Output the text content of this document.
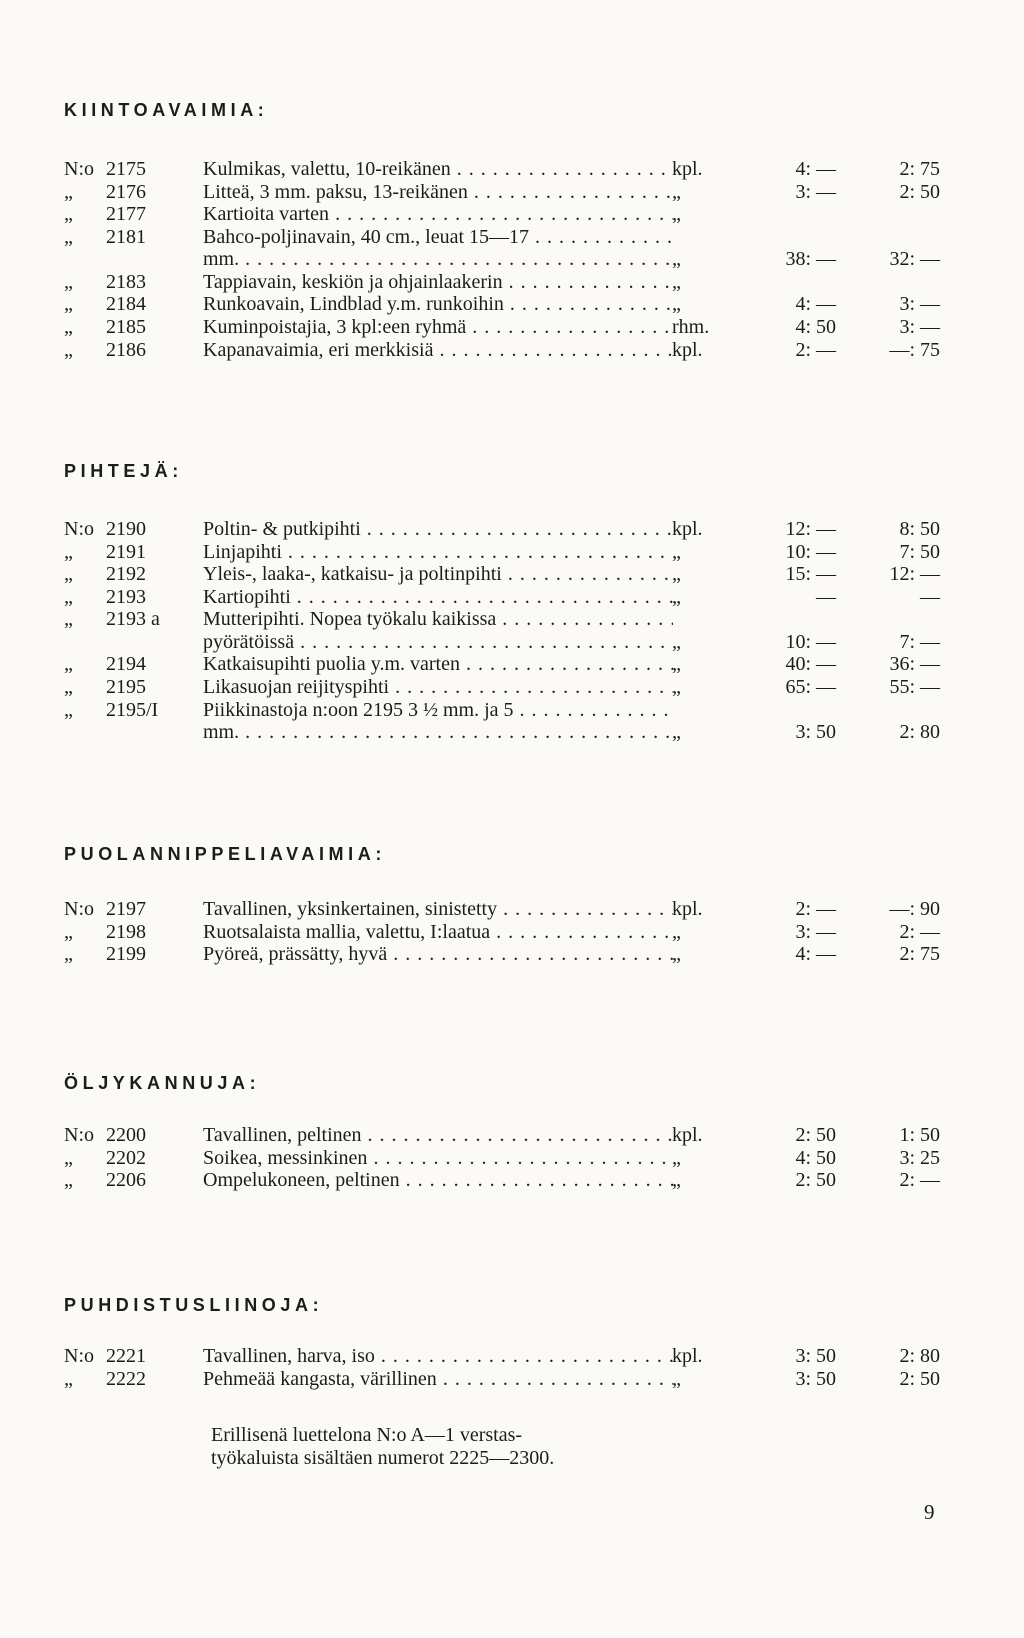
KIINTOAVAIMIA:
N:o 2175	Kulmikas, valettu, 10-reikänen . . .	kpl.	4: —	2: 75
„ 2176	Litteä, 3 mm. paksu, 13-reikänen . . .	„	3: —	2: 50
„ 2177	Kartioita varten . . .	„
„ 2181	Bahco-poljinavain, 40 cm., leuat 15—17 . . .
mm. . . .	„	38: —	32: —
„ 2183	Tappiavain, keskiön ja ohjainlaakerin . . .	„
„ 2184	Runkoavain, Lindblad y.m. runkoihin . . .	„	4: —	3: —
„ 2185	Kuminpoistajia, 3 kpl:een ryhmä . . .	rhm.	4: 50	3: —
„ 2186	Kapanavaimia, eri merkkisiä . . .	kpl.	2: —	—: 75
PIHTEJÄ:
N:o 2190	Poltin- & putkipihti . . .	kpl.	12: —	8: 50
„ 2191	Linjapihti . . .	„	10: —	7: 50
„ 2192	Yleis-, laaka-, katkaisu- ja poltinpihti . . .	„	15: —	12: —
„ 2193	Kartiopihti . . .	„	—	—
„ 2193 a	Mutteripihti. Nopea työkalu kaikissa . . .
pyörätöissä . . .	„	10: —	7: —
„ 2194	Katkaisupihti puolia y.m. varten . . .	„	40: —	36: —
„ 2195	Likasuojan reijityspihti . . .	„	65: —	55: —
„ 2195/I	Piikkinastoja n:oon 2195 3 ½ mm. ja 5 . . .
mm. . . .	„	3: 50	2: 80
PUOLANNIPPELIAVAIMIA:
N:o 2197	Tavallinen, yksinkertainen, sinistetty . . .	kpl.	2: —	—: 90
„ 2198	Ruotsalaista mallia, valettu, I:laatua . . .	„	3: —	2: —
„ 2199	Pyöreä, prässätty, hyvä . . .	„	4: —	2: 75
ÖLJYKANNUJA:
N:o 2200	Tavallinen, peltinen . . .	kpl.	2: 50	1: 50
„ 2202	Soikea, messinkinen . . .	„	4: 50	3: 25
„ 2206	Ompelukoneen, peltinen . . .	„	2: 50	2: —
PUHDISTUSLIINOJA:
N:o 2221	Tavallinen, harva, iso . . .	kpl.	3: 50	2: 80
„ 2222	Pehmeää kangasta, värillinen . . .	„	3: 50	2: 50
Erillisenä luettelona N:o A—1 verstas-
työkaluista sisältäen numerot 2225—2300.
9
